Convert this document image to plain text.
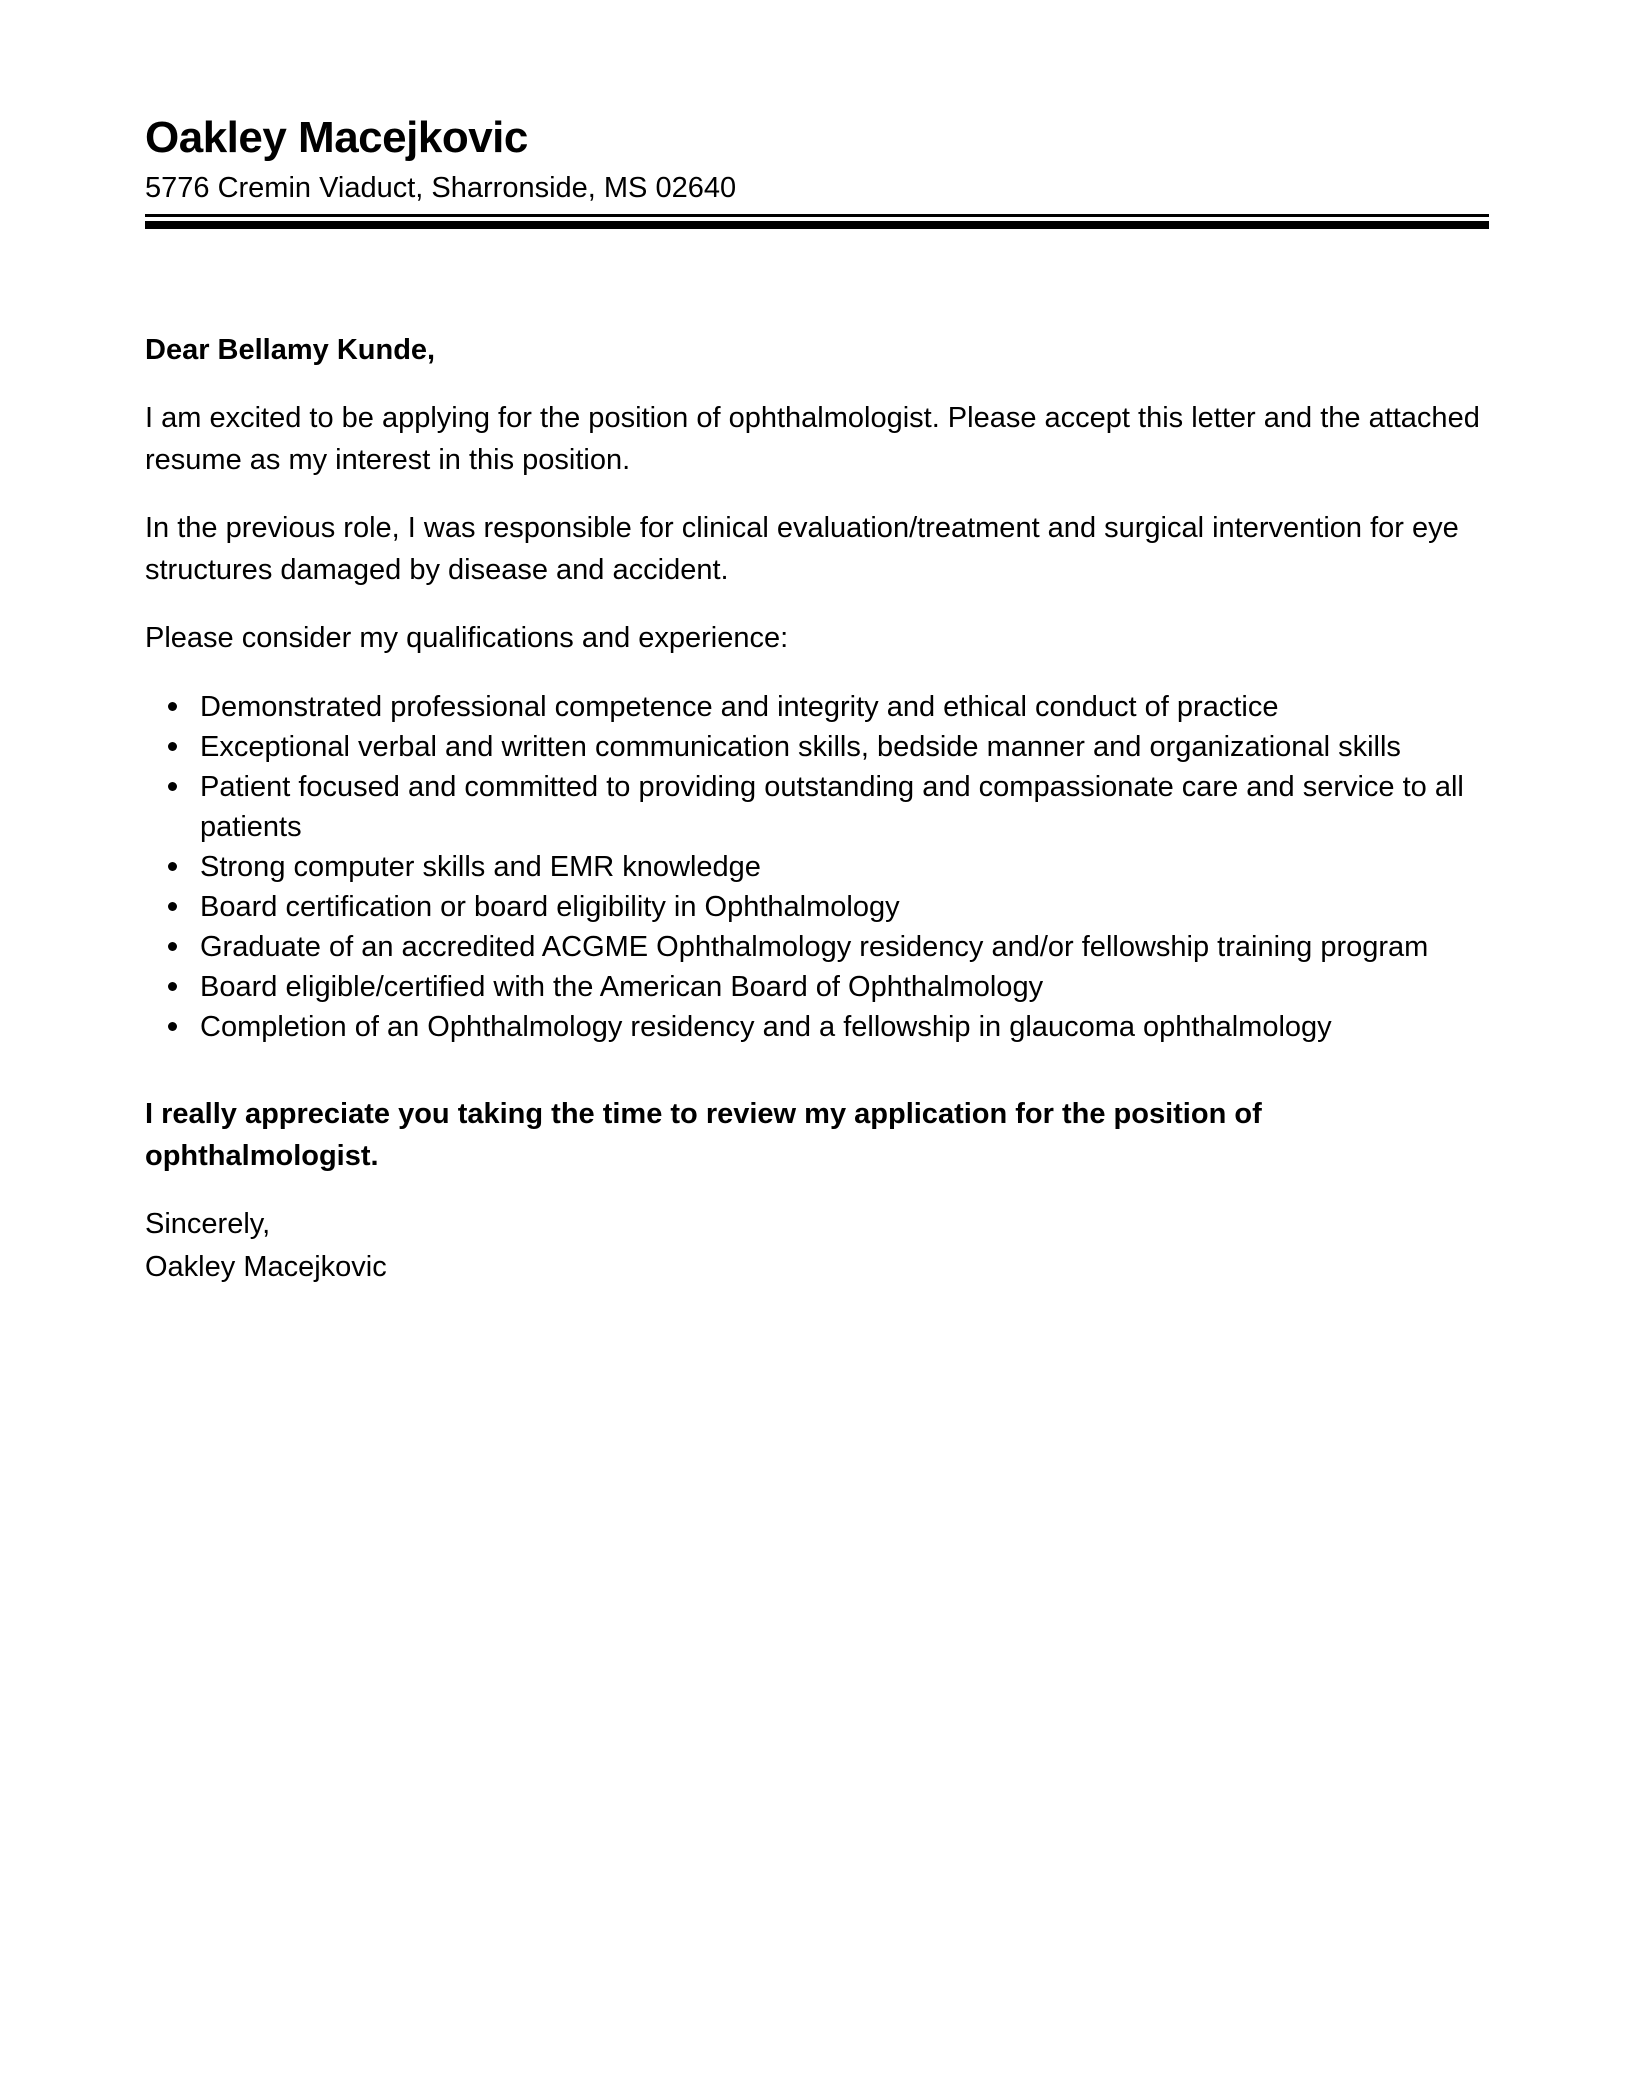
Oakley Macejkovic
5776 Cremin Viaduct, Sharronside, MS 02640
Dear Bellamy Kunde,
I am excited to be applying for the position of ophthalmologist. Please accept this letter and the attached resume as my interest in this position.
In the previous role, I was responsible for clinical evaluation/treatment and surgical intervention for eye structures damaged by disease and accident.
Please consider my qualifications and experience:
Demonstrated professional competence and integrity and ethical conduct of practice
Exceptional verbal and written communication skills, bedside manner and organizational skills
Patient focused and committed to providing outstanding and compassionate care and service to all patients
Strong computer skills and EMR knowledge
Board certification or board eligibility in Ophthalmology
Graduate of an accredited ACGME Ophthalmology residency and/or fellowship training program
Board eligible/certified with the American Board of Ophthalmology
Completion of an Ophthalmology residency and a fellowship in glaucoma ophthalmology
I really appreciate you taking the time to review my application for the position of ophthalmologist.
Sincerely,
Oakley Macejkovic
